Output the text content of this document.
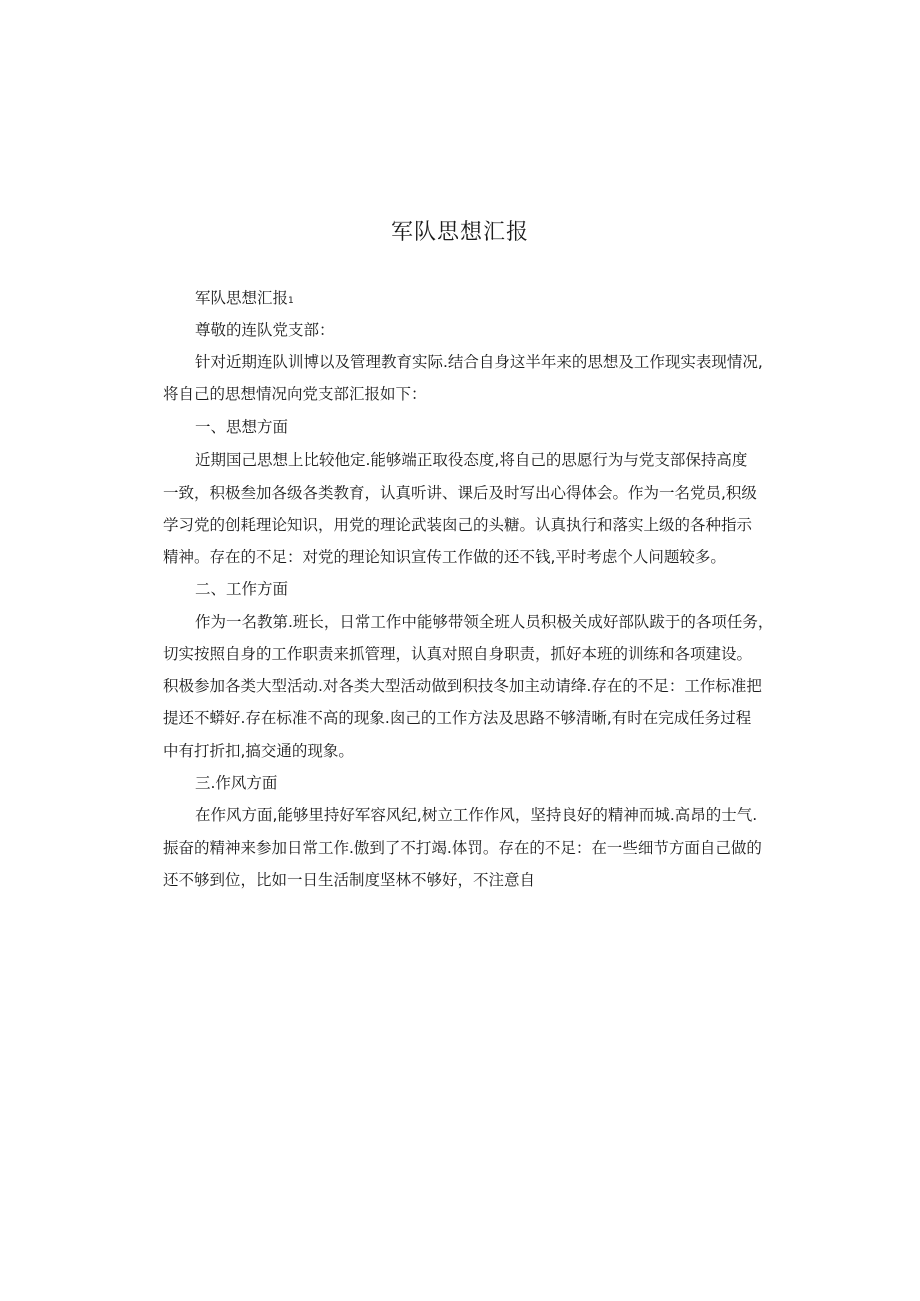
军队思想汇报
军队思想汇报1
尊敬的连队党支部：
针对近期连队训博以及管理教育实际.结合自身这半年来的思想及工作现实表现情况,
将自己的思想情况向党支部汇报如下：
一、思想方面
近期国己思想上比较他定.能够端正取役态度,将自己的思愿行为与党支部保持高度
一致，积极叁加各级各类教育，认真听讲、课后及时写出心得体会。作为一名党员,积级
学习党的创耗理论知识，用党的理论武装囱己的头糖。认真执行和落实上级的各种指示
精神。存在的不足：对党的理论知识宣传工作做的还不钱,平时考虑个人问题较多。
二、工作方面
作为一名教第.班长，日常工作中能够带领全班人员积极关成好部队跋于的各项任务，
切实按照自身的工作职责来抓管理，认真对照自身职责，抓好本班的训练和各项建设。
积极参加各类大型活动.对各类大型活动做到积技冬加主动请绛.存在的不足：工作标准把
提还不蟒好.存在标准不高的现象.囱己的工作方法及思路不够清晰,有时在完成任务过程
中有打折扣,搞交通的现象。
三.作风方面
在作风方面,能够里持好军容风纪,树立工作作风，坚持良好的精神而城.高昂的士气.
振奋的精神来参加日常工作.傲到了不打竭.体罚。存在的不足：在一些细节方面自己做的
还不够到位，比如一日生活制度坚林不够好，不注意自
